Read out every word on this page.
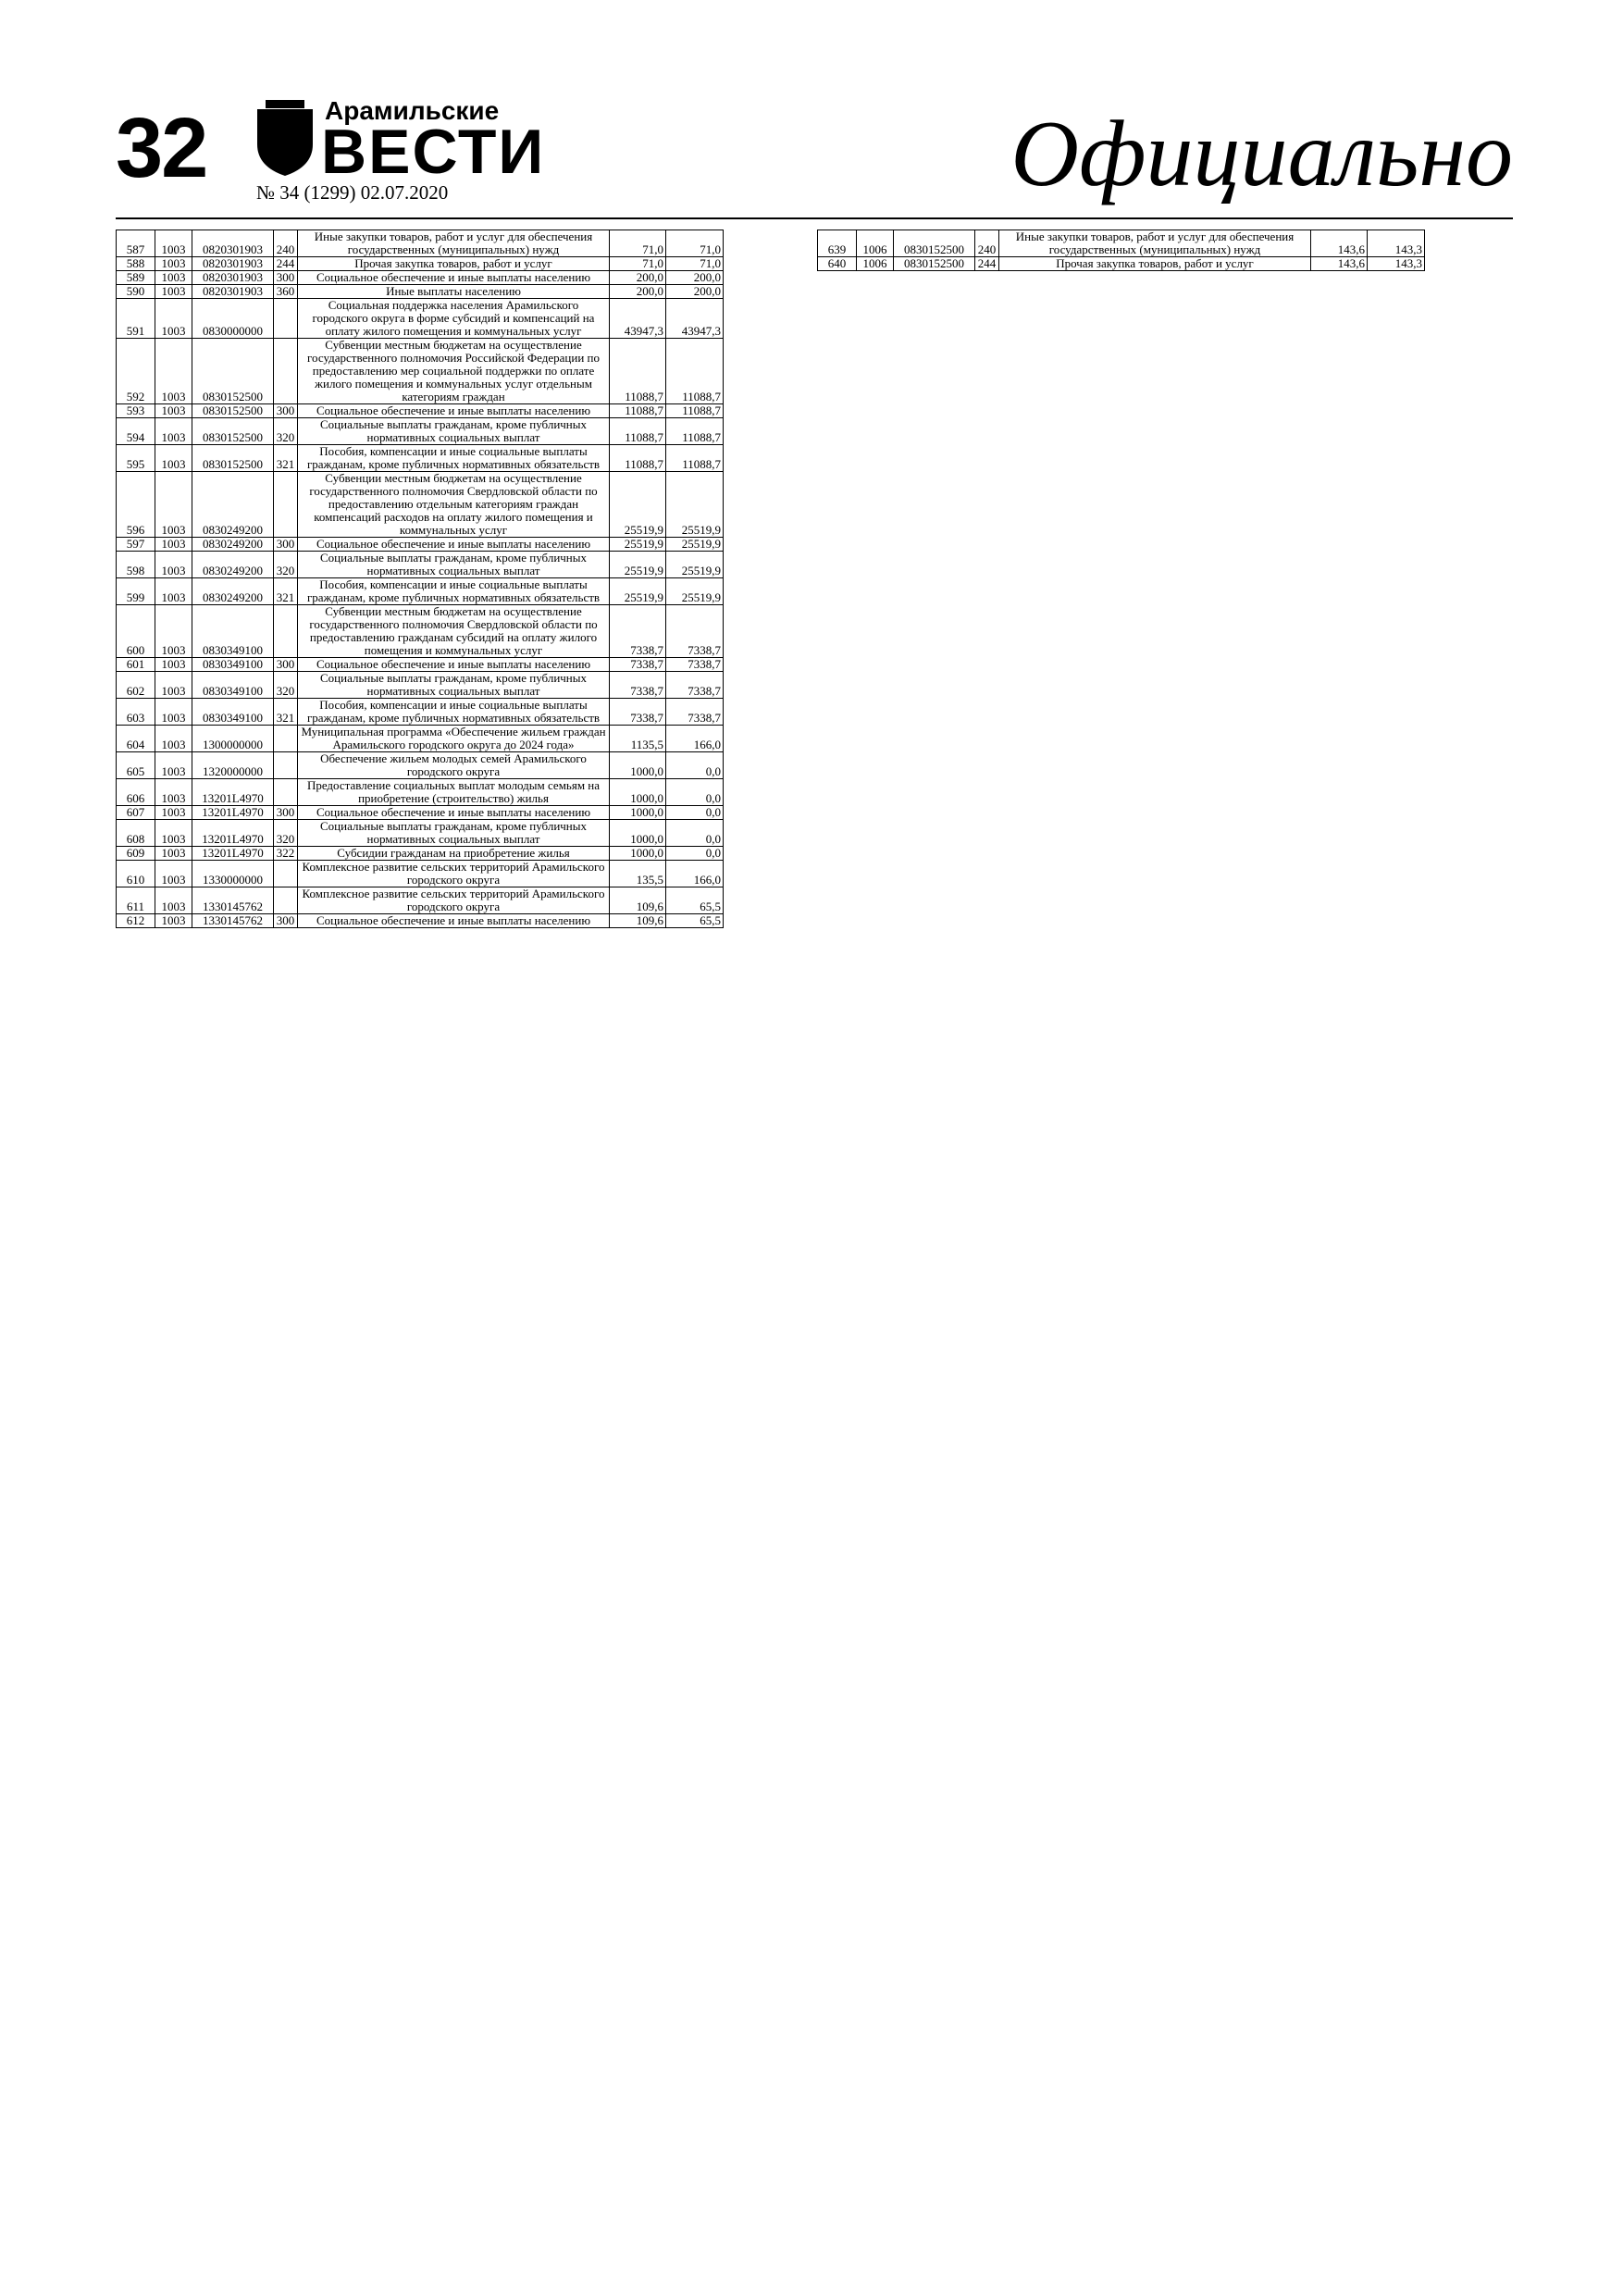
32	Арамильские
ВЕСТИ
№ 34 (1299) 02.07.2020	Официально
587	1003	0820301903	240	Иные закупки товаров, работ и услуг для обеспечения государственных (муниципальных) нужд	71,0	71,0
588	1003	0820301903	244	Прочая закупка товаров, работ и услуг	71,0	71,0
589	1003	0820301903	300	Социальное обеспечение и иные выплаты населению	200,0	200,0
590	1003	0820301903	360	Иные выплаты населению	200,0	200,0
591	1003	0830000000		Социальная поддержка населения Арамильского городского округа в форме субсидий и компенсаций на оплату жилого помещения и коммунальных услуг	43947,3	43947,3
592	1003	0830152500		Субвенции местным бюджетам на осуществление государственного полномочия Российской Федерации по предоставлению мер социальной поддержки по оплате жилого помещения и коммунальных услуг отдельным категориям граждан	11088,7	11088,7
593	1003	0830152500	300	Социальное обеспечение и иные выплаты населению	11088,7	11088,7
594	1003	0830152500	320	Социальные выплаты гражданам, кроме публичных нормативных социальных выплат	11088,7	11088,7
595	1003	0830152500	321	Пособия, компенсации и иные социальные выплаты гражданам, кроме публичных нормативных обязательств	11088,7	11088,7
596	1003	0830249200		Субвенции местным бюджетам на осуществление государственного полномочия Свердловской области по предоставлению отдельным категориям граждан компенсаций расходов на оплату жилого помещения и коммунальных услуг	25519,9	25519,9
597	1003	0830249200	300	Социальное обеспечение и иные выплаты населению	25519,9	25519,9
598	1003	0830249200	320	Социальные выплаты гражданам, кроме публичных нормативных социальных выплат	25519,9	25519,9
599	1003	0830249200	321	Пособия, компенсации и иные социальные выплаты гражданам, кроме публичных нормативных обязательств	25519,9	25519,9
600	1003	0830349100		Субвенции местным бюджетам на осуществление государственного полномочия Свердловской области по предоставлению гражданам субсидий на оплату жилого помещения и коммунальных услуг	7338,7	7338,7
601	1003	0830349100	300	Социальное обеспечение и иные выплаты населению	7338,7	7338,7
602	1003	0830349100	320	Социальные выплаты гражданам, кроме публичных нормативных социальных выплат	7338,7	7338,7
603	1003	0830349100	321	Пособия, компенсации и иные социальные выплаты гражданам, кроме публичных нормативных обязательств	7338,7	7338,7
604	1003	1300000000		Муниципальная программа «Обеспечение жильем граждан Арамильского городского округа до 2024 года»	1135,5	166,0
605	1003	1320000000		Обеспечение жильем молодых семей Арамильского городского округа	1000,0	0,0
606	1003	13201L4970		Предоставление социальных выплат молодым семьям на приобретение (строительство) жилья	1000,0	0,0
607	1003	13201L4970	300	Социальное обеспечение и иные выплаты населению	1000,0	0,0
608	1003	13201L4970	320	Социальные выплаты гражданам, кроме публичных нормативных социальных выплат	1000,0	0,0
609	1003	13201L4970	322	Субсидии гражданам на приобретение жилья	1000,0	0,0
610	1003	1330000000		Комплексное развитие сельских территорий Арамильского городского округа	135,5	166,0
611	1003	1330145762		Комплексное развитие сельских территорий Арамильского городского округа	109,6	65,5
612	1003	1330145762	300	Социальное обеспечение и иные выплаты населению	109,6	65,5
639	1006	0830152500	240	Иные закупки товаров, работ и услуг для обеспечения государственных (муниципальных) нужд	143,6	143,3
640	1006	0830152500	244	Прочая закупка товаров, работ и услуг	143,6	143,3
